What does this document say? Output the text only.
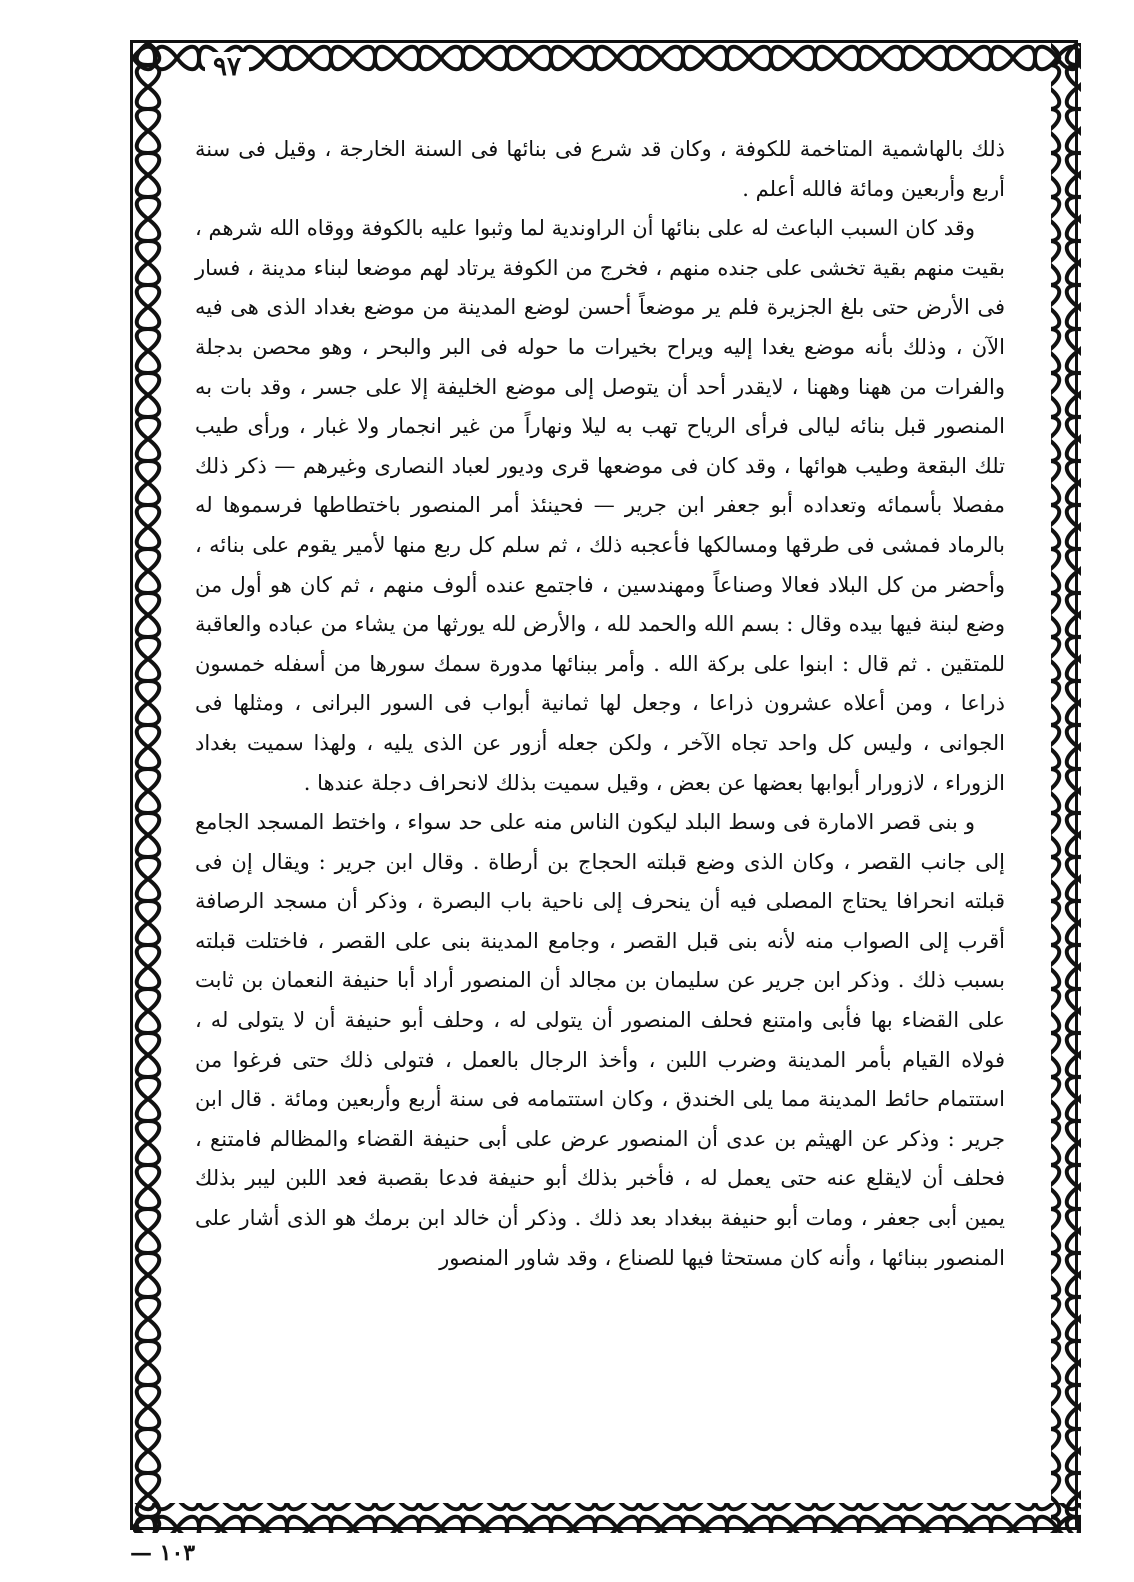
٩٧

ذلك بالهاشمية المتاخمة للكوفة ، وكان قد شرع فى بنائها فى السنة الخارجة ، وقيل فى سنة أربع وأربعين ومائة فالله أعلم .

وقد كان السبب الباعث له على بنائها أن الراوندية لما وثبوا عليه بالكوفة ووقاه الله شرهم ، بقيت منهم بقية تخشى على جنده منهم ، فخرج من الكوفة يرتاد لهم موضعا لبناء مدينة ، فسار فى الأرض حتى بلغ الجزيرة فلم ير موضعاً أحسن لوضع المدينة من موضع بغداد الذى هى فيه الآن ، وذلك بأنه موضع يغدا إليه ويراح بخيرات ما حوله فى البر والبحر ، وهو محصن بدجلة والفرات من ههنا وههنا ، لايقدر أحد أن يتوصل إلى موضع الخليفة إلا على جسر ، وقد بات به المنصور قبل بنائه ليالى فرأى الرياح تهب به ليلا ونهاراً من غير انجمار ولا غبار ، ورأى طيب تلك البقعة وطيب هوائها ، وقد كان فى موضعها قرى وديور لعباد النصارى وغيرهم — ذكر ذلك مفصلا بأسمائه وتعداده أبو جعفر ابن جرير — فحينئذ أمر المنصور باختطاطها فرسموها له بالرماد فمشى فى طرقها ومسالكها فأعجبه ذلك ، ثم سلم كل ربع منها لأمير يقوم على بنائه ، وأحضر من كل البلاد فعالا وصناعاً ومهندسين ، فاجتمع عنده ألوف منهم ، ثم كان هو أول من وضع لبنة فيها بيده وقال : بسم الله والحمد لله ، والأرض لله يورثها من يشاء من عباده والعاقبة للمتقين . ثم قال : ابنوا على بركة الله . وأمر ببنائها مدورة سمك سورها من أسفله خمسون ذراعا ، ومن أعلاه عشرون ذراعا ، وجعل لها ثمانية أبواب فى السور البرانى ، ومثلها فى الجوانى ، وليس كل واحد تجاه الآخر ، ولكن جعله أزور عن الذى يليه ، ولهذا سميت بغداد الزوراء ، لازورار أبوابها بعضها عن بعض ، وقيل سميت بذلك لانحراف دجلة عندها .

و بنى قصر الامارة فى وسط البلد ليكون الناس منه على حد سواء ، واختط المسجد الجامع إلى جانب القصر ، وكان الذى وضع قبلته الحجاج بن أرطاة . وقال ابن جرير : ويقال إن فى قبلته انحرافا يحتاج المصلى فيه أن ينحرف إلى ناحية باب البصرة ، وذكر أن مسجد الرصافة أقرب إلى الصواب منه لأنه بنى قبل القصر ، وجامع المدينة بنى على القصر ، فاختلت قبلته بسبب ذلك . وذكر ابن جرير عن سليمان بن مجالد أن المنصور أراد أبا حنيفة النعمان بن ثابت على القضاء بها فأبى وامتنع فحلف المنصور أن يتولى له ، وحلف أبو حنيفة أن لا يتولى له ، فولاه القيام بأمر المدينة وضرب اللبن ، وأخذ الرجال بالعمل ، فتولى ذلك حتى فرغوا من استتمام حائط المدينة مما يلى الخندق ، وكان استتمامه فى سنة أربع وأربعين ومائة . قال ابن جرير : وذكر عن الهيثم بن عدى أن المنصور عرض على أبى حنيفة القضاء والمظالم فامتنع ، فحلف أن لايقلع عنه حتى يعمل له ، فأخبر بذلك أبو حنيفة فدعا بقصبة فعد اللبن ليبر بذلك يمين أبى جعفر ، ومات أبو حنيفة ببغداد بعد ذلك . وذكر أن خالد ابن برمك هو الذى أشار على المنصور ببنائها ، وأنه كان مستحثا فيها للصناع ، وقد شاور المنصور

١٠٣ —
